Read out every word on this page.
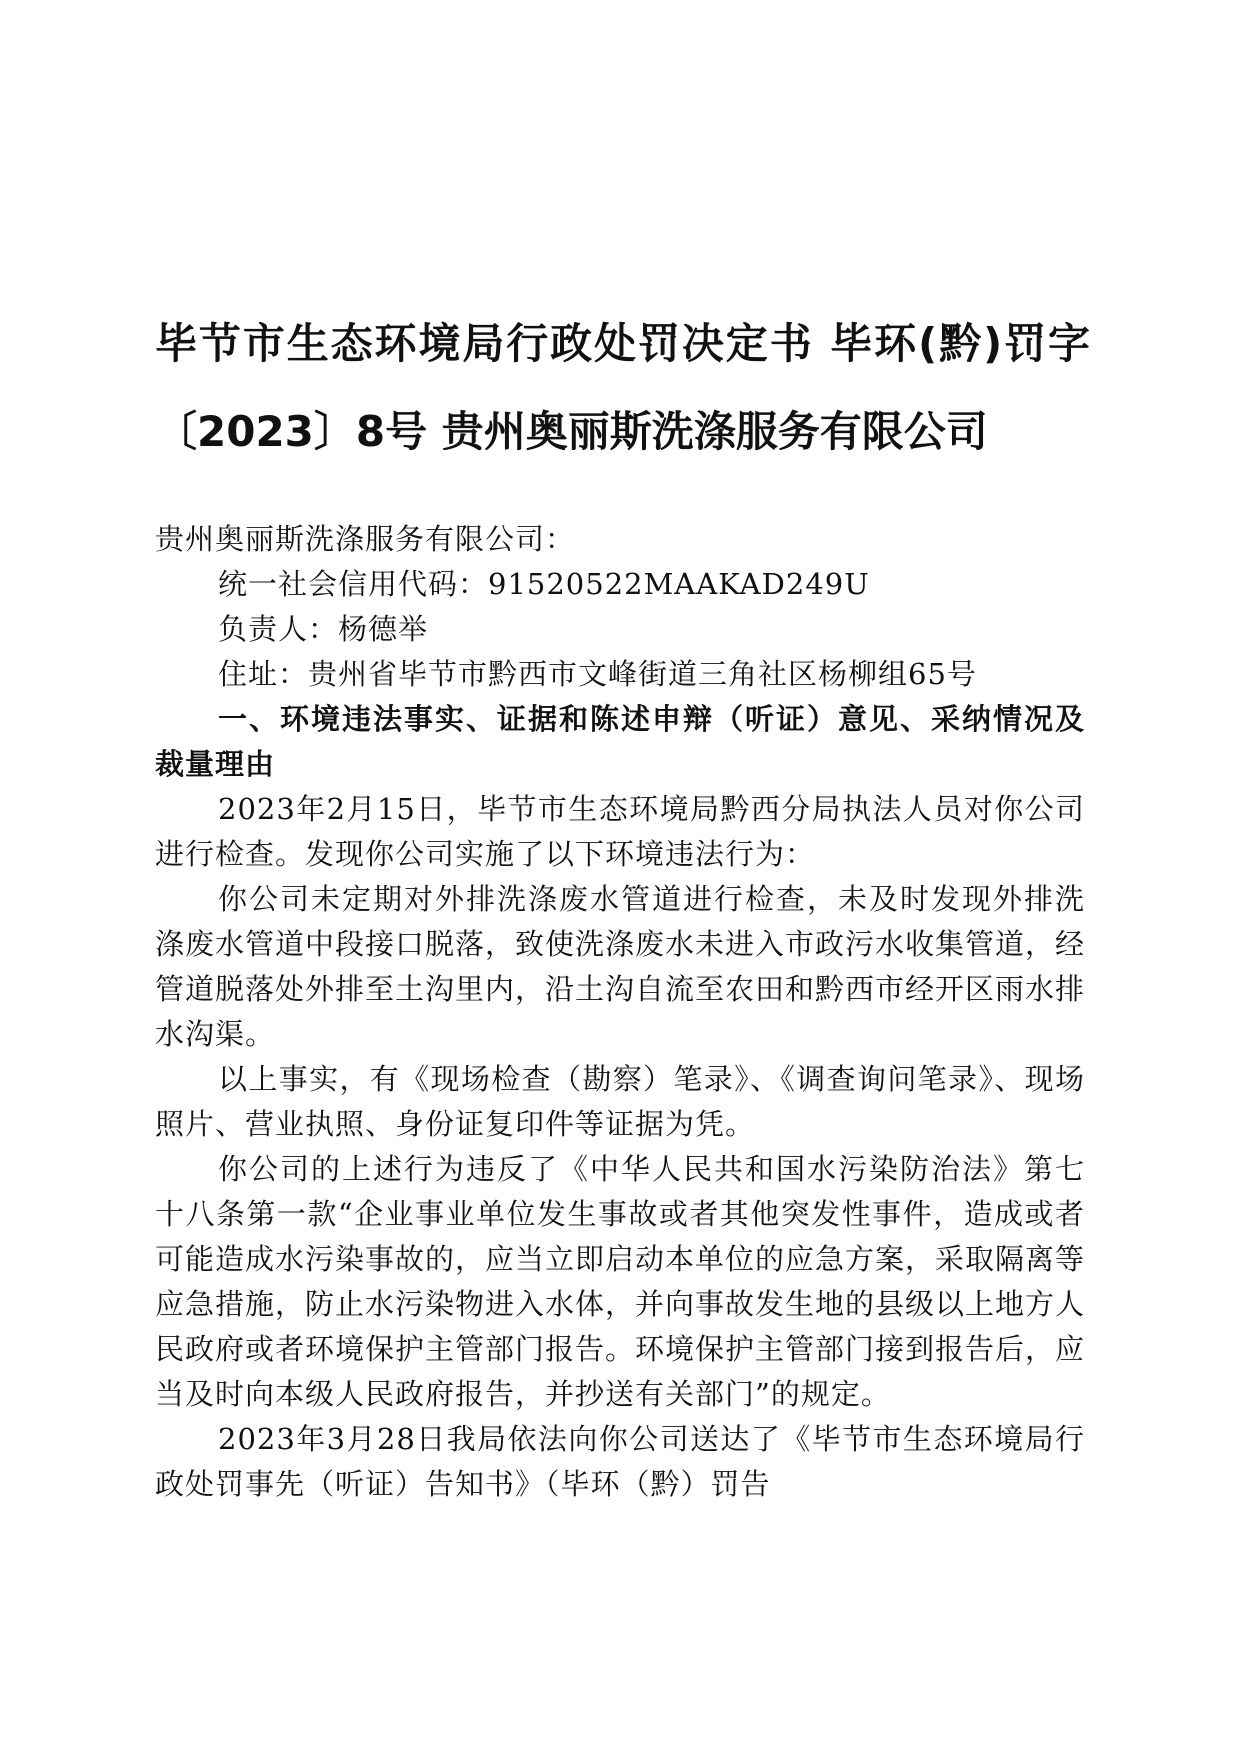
毕节市生态环境局行政处罚决定书 毕环(黔)罚字〔2023〕8号 贵州奥丽斯洗涤服务有限公司

贵州奥丽斯洗涤服务有限公司：

统一社会信用代码：91520522MAAKAD249U

负责人：杨德举

住址：贵州省毕节市黔西市文峰街道三角社区杨柳组65号

一、环境违法事实、证据和陈述申辩（听证）意见、采纳情况及裁量理由

2023年2月15日，毕节市生态环境局黔西分局执法人员对你公司进行检查。发现你公司实施了以下环境违法行为：

你公司未定期对外排洗涤废水管道进行检查，未及时发现外排洗涤废水管道中段接口脱落，致使洗涤废水未进入市政污水收集管道，经管道脱落处外排至土沟里内，沿土沟自流至农田和黔西市经开区雨水排水沟渠。

以上事实，有《现场检查（勘察）笔录》、《调查询问笔录》、现场照片、营业执照、身份证复印件等证据为凭。

你公司的上述行为违反了《中华人民共和国水污染防治法》第七十八条第一款“企业事业单位发生事故或者其他突发性事件，造成或者可能造成水污染事故的，应当立即启动本单位的应急方案，采取隔离等应急措施，防止水污染物进入水体，并向事故发生地的县级以上地方人民政府或者环境保护主管部门报告。环境保护主管部门接到报告后，应当及时向本级人民政府报告，并抄送有关部门”的规定。

2023年3月28日我局依法向你公司送达了《毕节市生态环境局行政处罚事先（听证）告知书》（毕环（黔）罚告
